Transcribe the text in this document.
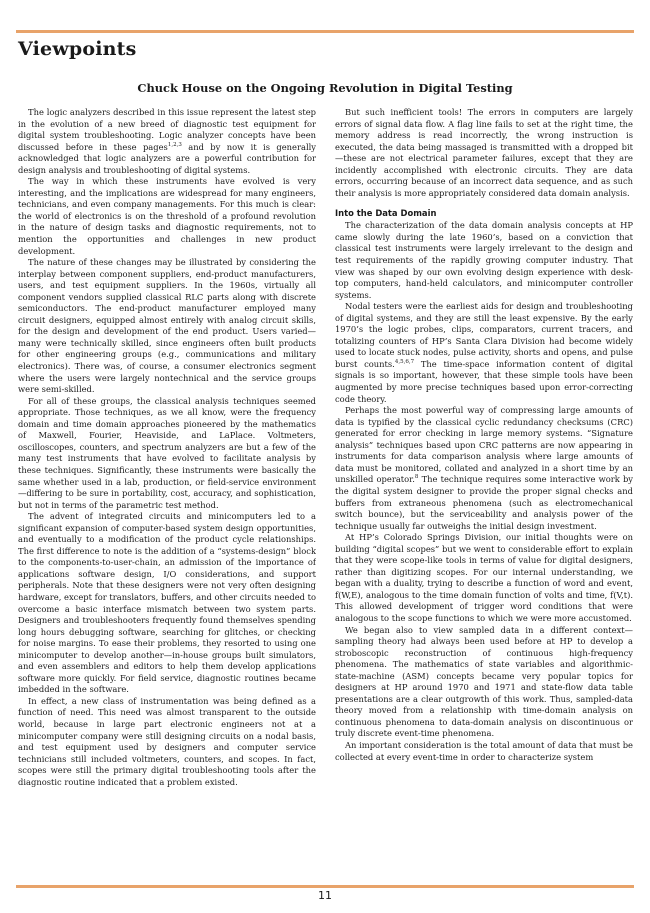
Viewpoints
Chuck House on the Ongoing Revolution in Digital Testing

The logic analyzers described in this issue represent the latest step in the evolution of a new breed of diagnostic test equipment for digital system troubleshooting. Logic analyzer concepts have been discussed before in these pages$^{1,2,3}$ and by now it is generally acknowledged that logic analyzers are a powerful contribution for design analysis and troubleshooting of digital systems.

The way in which these instruments have evolved is very interesting, and the implications are widespread for many engineers, technicians, and even company managements. For this much is clear: the world of electronics is on the threshold of a profound revolution in the nature of design tasks and diagnostic requirements, not to mention the opportunities and challenges in new product development.

The nature of these changes may be illustrated by considering the interplay between component suppliers, end-product manufacturers, users, and test equipment suppliers. In the 1960s, virtually all component vendors supplied classical RLC parts along with discrete semiconductors. The end-product manufacturer employed many circuit designers, equipped almost entirely with analog circuit skills, for the design and development of the end product. Users varied—many were technically skilled, since engineers often built products for other engineering groups (e.g., communications and military electronics). There was, of course, a consumer electronics segment where the users were largely nontechnical and the service groups were semi-skilled.

For all of these groups, the classical analysis techniques seemed appropriate. Those techniques, as we all know, were the frequency domain and time domain approaches pioneered by the mathematics of Maxwell, Fourier, Heaviside, and LaPlace. Voltmeters, oscilloscopes, counters, and spectrum analyzers are but a few of the many test instruments that have evolved to facilitate analysis by these techniques. Significantly, these instruments were basically the same whether used in a lab, production, or field-service environment—differing to be sure in portability, cost, accuracy, and sophistication, but not in terms of the parametric test method.

The advent of integrated circuits and minicomputers led to a significant expansion of computer-based system design opportunities, and eventually to a modification of the product cycle relationships. The first difference to note is the addition of a “systems-design” block to the components-to-user-chain, an admission of the importance of applications software design, I/O considerations, and support peripherals. Note that these designers were not very often designing hardware, except for translators, buffers, and other circuits needed to overcome a basic interface mismatch between two system parts. Designers and troubleshooters frequently found themselves spending long hours debugging software, searching for glitches, or checking for noise margins. To ease their problems, they resorted to using one minicomputer to develop another—in-house groups built simulators, and even assemblers and editors to help them develop applications software more quickly. For field service, diagnostic routines became imbedded in the software.

In effect, a new class of instrumentation was being defined as a function of need. This need was almost transparent to the outside world, because in large part electronic engineers not at a minicomputer company were still designing circuits on a nodal basis, and test equipment used by designers and computer service technicians still included voltmeters, counters, and scopes. In fact, scopes were still the primary digital troubleshooting tools after the diagnostic routine indicated that a problem existed.

But such inefficient tools! The errors in computers are largely errors of signal data flow. A flag line fails to set at the right time, the memory address is read incorrectly, the wrong instruction is executed, the data being massaged is transmitted with a dropped bit—these are not electrical parameter failures, except that they are incidently accomplished with electronic circuits. They are data errors, occurring because of an incorrect data sequence, and as such their analysis is more appropriately considered data domain analysis.

Into the Data Domain

The characterization of the data domain analysis concepts at HP came slowly during the late 1960’s, based on a conviction that classical test instruments were largely irrelevant to the design and test requirements of the rapidly growing computer industry. That view was shaped by our own evolving design experience with desk-top computers, hand-held calculators, and minicomputer controller systems.

Nodal testers were the earliest aids for design and troubleshooting of digital systems, and they are still the least expensive. By the early 1970’s the logic probes, clips, comparators, current tracers, and totalizing counters of HP’s Santa Clara Division had become widely used to locate stuck nodes, pulse activity, shorts and opens, and pulse burst counts.$^{4,5,6,7}$ The time-space information content of digital signals is so important, however, that these simple tools have been augmented by more precise techniques based upon error-correcting code theory.

Perhaps the most powerful way of compressing large amounts of data is typified by the classical cyclic redundancy checksums (CRC) generated for error checking in large memory systems. “Signature analysis” techniques based upon CRC patterns are now appearing in instruments for data comparison analysis where large amounts of data must be monitored, collated and analyzed in a short time by an unskilled operator.$^8$ The technique requires some interactive work by the digital system designer to provide the proper signal checks and buffers from extraneous phenomena (such as electromechanical switch bounce), but the serviceability and analysis power of the technique usually far outweighs the initial design investment.

At HP’s Colorado Springs Division, our initial thoughts were on building “digital scopes” but we went to considerable effort to explain that they were scope-like tools in terms of value for digital designers, rather than digitizing scopes. For our internal understanding, we began with a duality, trying to describe a function of word and event, f(W,E), analogous to the time domain function of volts and time, f(V,t). This allowed development of trigger word conditions that were analogous to the scope functions to which we were more accustomed.

We began also to view sampled data in a different context—sampling theory had always been used before at HP to develop a stroboscopic reconstruction of continuous high-frequency phenomena. The mathematics of state variables and algorithmic-state-machine (ASM) concepts became very popular topics for designers at HP around 1970 and 1971 and state-flow data table presentations are a clear outgrowth of this work. Thus, sampled-data theory moved from a relationship with time-domain analysis on continuous phenomena to data-domain analysis on discontinuous or truly discrete event-time phenomena.

An important consideration is the total amount of data that must be collected at every event-time in order to characterize system

11
